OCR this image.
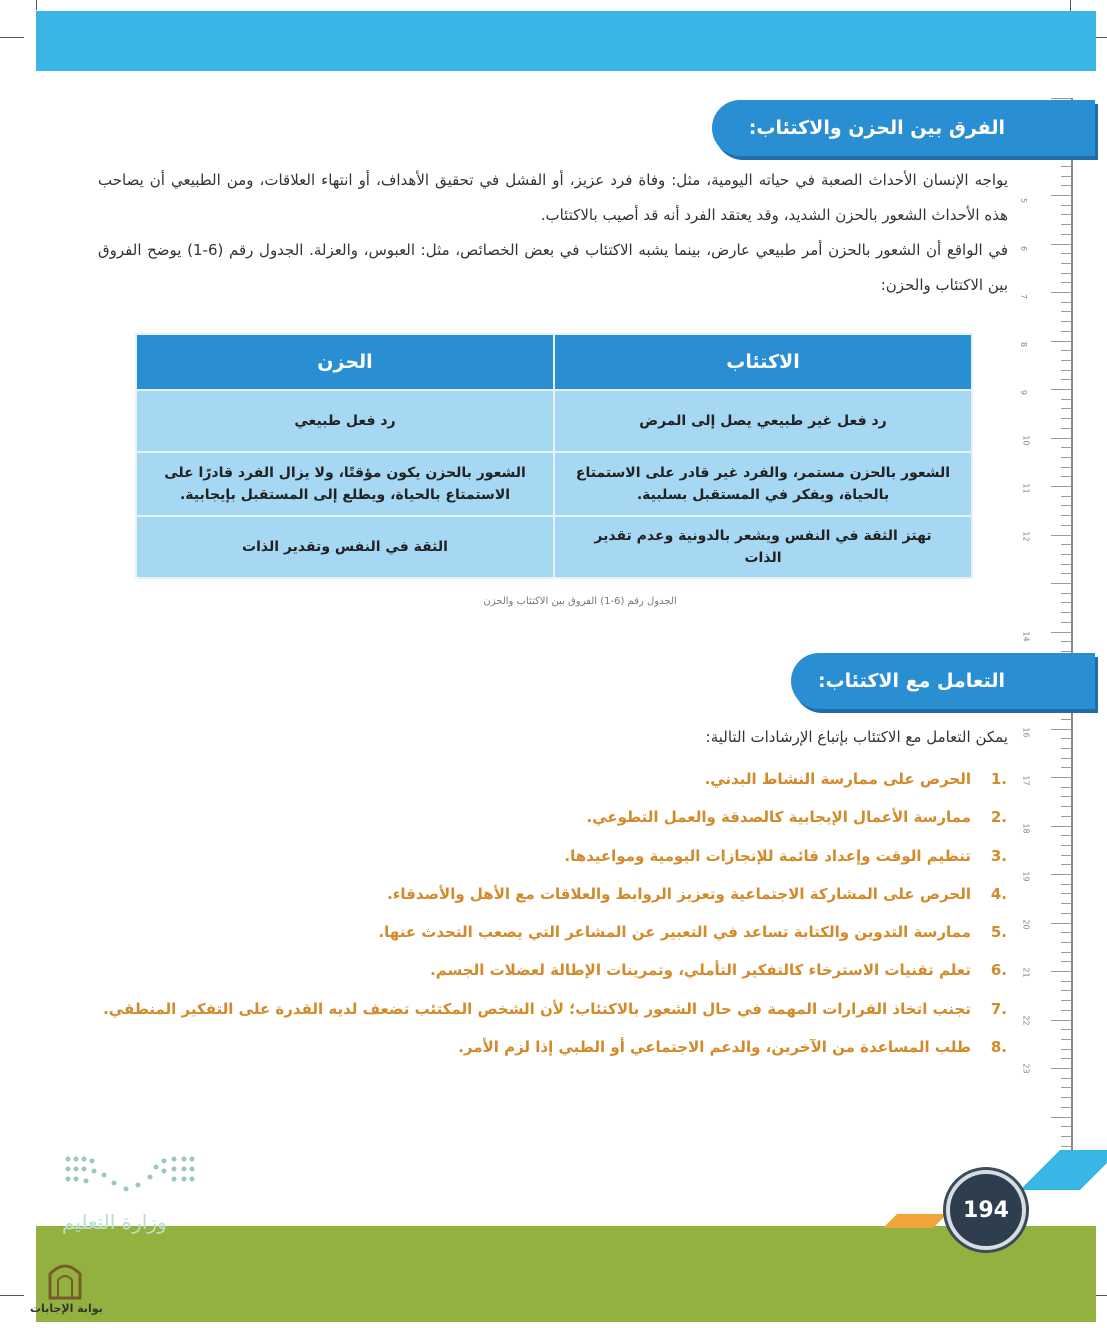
5
6
7
8
9
10
11
12
14
16
17
18
19
20
21
22
23
الفرق بين الحزن والاكتئاب:
يواجه الإنسان الأحداث الصعبة في حياته اليومية، مثل: وفاة فرد عزيز، أو الفشل في تحقيق الأهداف، أو انتهاء العلاقات، ومن الطبيعي أن يصاحب هذه الأحداث الشعور بالحزن الشديد، وقد يعتقد الفرد أنه قد أصيب بالاكتئاب.
في الواقع أن الشعور بالحزن أمر طبيعي عارض، بينما يشبه الاكتئاب في بعض الخصائص، مثل: العبوس، والعزلة. الجدول رقم (6-1) يوضح الفروق بين الاكتئاب والحزن:
الاكتئاب	الحزن
رد فعل غير طبيعي يصل إلى المرض	رد فعل طبيعي
الشعور بالحزن مستمر، والفرد غير قادر على الاستمتاع بالحياة، ويفكر في المستقبل بسلبية.	الشعور بالحزن يكون مؤقتًا، ولا يزال الفرد قادرًا على الاستمتاع بالحياة، ويطلع إلى المستقبل بإيجابية.
تهتز الثقة في النفس ويشعر بالدونية وعدم تقدير الذات	الثقة في النفس وتقدير الذات
الجدول رقم (6-1) الفروق بين الاكتئاب والحزن
التعامل مع الاكتئاب:
يمكن التعامل مع الاكتئاب بإتباع الإرشادات التالية:
.1
الحرص على ممارسة النشاط البدني.
.2
ممارسة الأعمال الإيجابية كالصدقة والعمل التطوعي.
.3
تنظيم الوقت وإعداد قائمة للإنجازات اليومية ومواعيدها.
.4
الحرص على المشاركة الاجتماعية وتعزيز الروابط والعلاقات مع الأهل والأصدقاء.
.5
ممارسة التدوين والكتابة تساعد في التعبير عن المشاعر التي يصعب التحدث عنها.
.6
تعلم تقنيات الاسترخاء كالتفكير التأملي، وتمرينات الإطالة لعضلات الجسم.
.7
تجنب اتخاذ القرارات المهمة في حال الشعور بالاكتئاب؛ لأن الشخص المكتئب تضعف لديه القدرة على التفكير المنطقي.
.8
طلب المساعدة من الآخرين، والدعم الاجتماعي أو الطبي إذا لزم الأمر.
194
وزارة التعليم
بوابة الإجابات
